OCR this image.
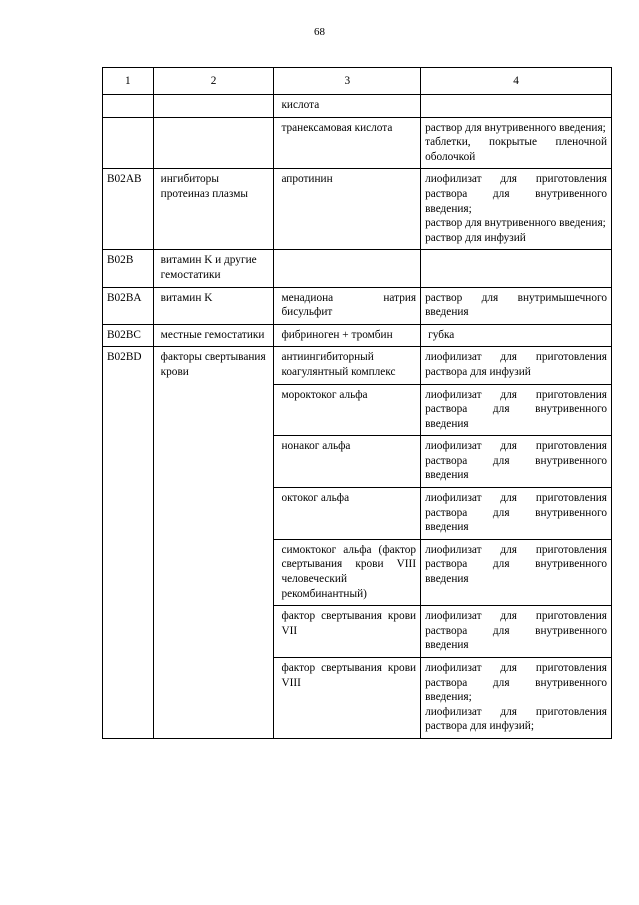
68
1	2	3	4
		кислота	
		транексамовая кислота	раствор для внутривенного введения;
таблетки, покрытые пленочной оболочкой

B02AB	ингибиторы протеиназ плазмы	апротинин	лиофилизат для приготовления раствора для внутривенного введения;
раствор для внутривенного введения;
раствор для инфузий

B02B	витамин K и другие гемостатики		
B02BA	витамин K	менадиона натрия бисульфит	раствор для внутримышечного введения

B02BC	местные гемостатики	фибриноген + тромбин	губка

B02BD	факторы свертывания крови	антиингибиторный коагулянтный комплекс	лиофилизат для приготовления раствора для инфузий

		мороктоког альфа	лиофилизат для приготовления раствора для внутривенного введения

		нонаког альфа	лиофилизат для приготовления раствора для внутривенного введения

		октоког альфа	лиофилизат для приготовления раствора для внутривенного введения

		симоктоког альфа (фактор свертывания крови VIII человеческий рекомбинантный)	лиофилизат для приготовления раствора для внутривенного введения

		фактор свертывания крови VII	лиофилизат для приготовления раствора для внутривенного введения

		фактор свертывания крови VIII	лиофилизат для приготовления раствора для внутривенного введения;
лиофилизат для приготовления раствора для инфузий;
